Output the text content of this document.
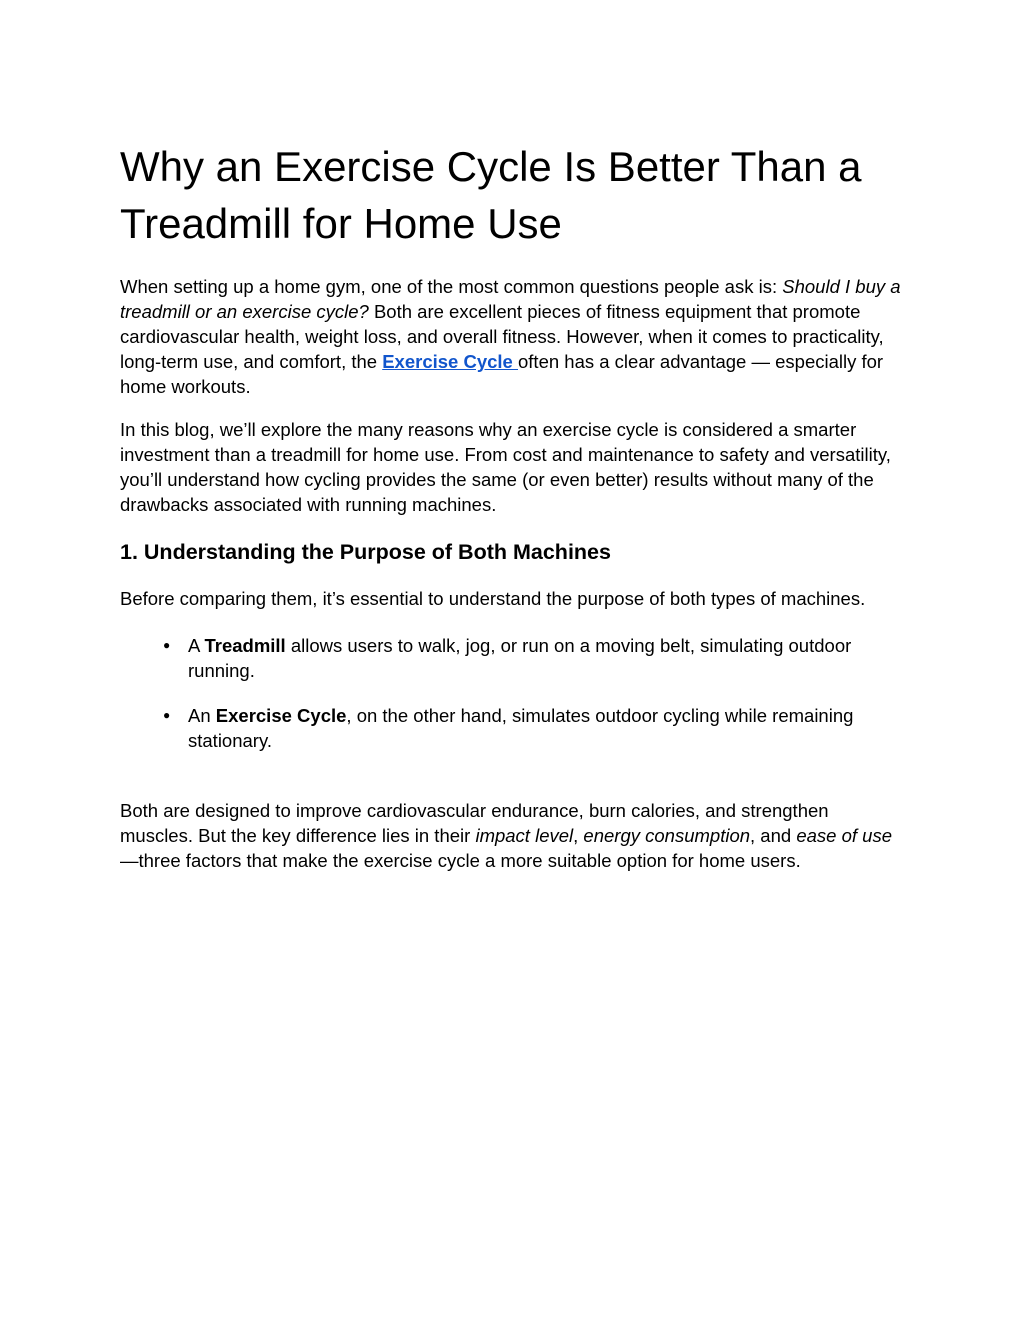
Why an Exercise Cycle Is Better Than a Treadmill for Home Use

When setting up a home gym, one of the most common questions people ask is: Should I buy a treadmill or an exercise cycle? Both are excellent pieces of fitness equipment that promote cardiovascular health, weight loss, and overall fitness. However, when it comes to practicality, long-term use, and comfort, the Exercise Cycle often has a clear advantage — especially for home workouts.

In this blog, we’ll explore the many reasons why an exercise cycle is considered a smarter investment than a treadmill for home use. From cost and maintenance to safety and versatility, you’ll understand how cycling provides the same (or even better) results without many of the drawbacks associated with running machines.

1. Understanding the Purpose of Both Machines

Before comparing them, it’s essential to understand the purpose of both types of machines.

● A Treadmill allows users to walk, jog, or run on a moving belt, simulating outdoor running.
● An Exercise Cycle, on the other hand, simulates outdoor cycling while remaining stationary.

Both are designed to improve cardiovascular endurance, burn calories, and strengthen muscles. But the key difference lies in their impact level, energy consumption, and ease of use—three factors that make the exercise cycle a more suitable option for home users.
